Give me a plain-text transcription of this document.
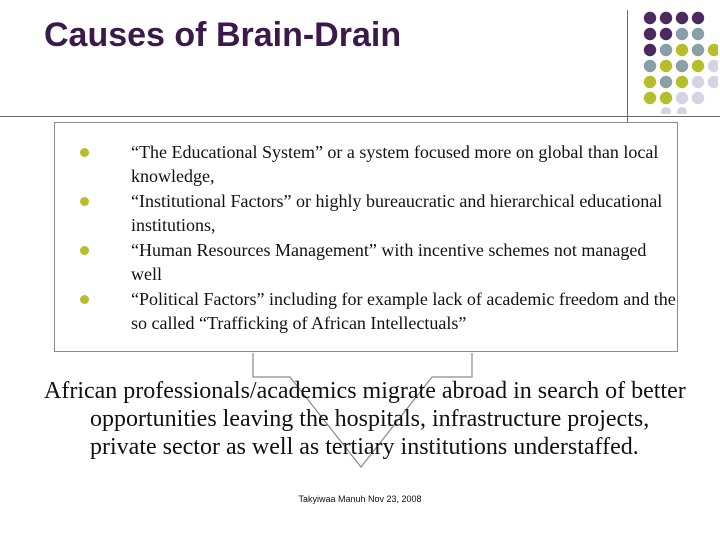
Causes of Brain-Drain
“The Educational System” or a system focused more on global than local knowledge,
“Institutional Factors” or highly bureaucratic and hierarchical educational institutions,
“Human Resources Management” with incentive schemes not managed well
“Political Factors” including for example lack of academic freedom and the so called “Trafficking of African Intellectuals”
African professionals/academics migrate abroad in search of better opportunities leaving the hospitals, infrastructure projects, private sector as well as tertiary institutions understaffed.
Takyiwaa Manuh Nov 23, 2008
